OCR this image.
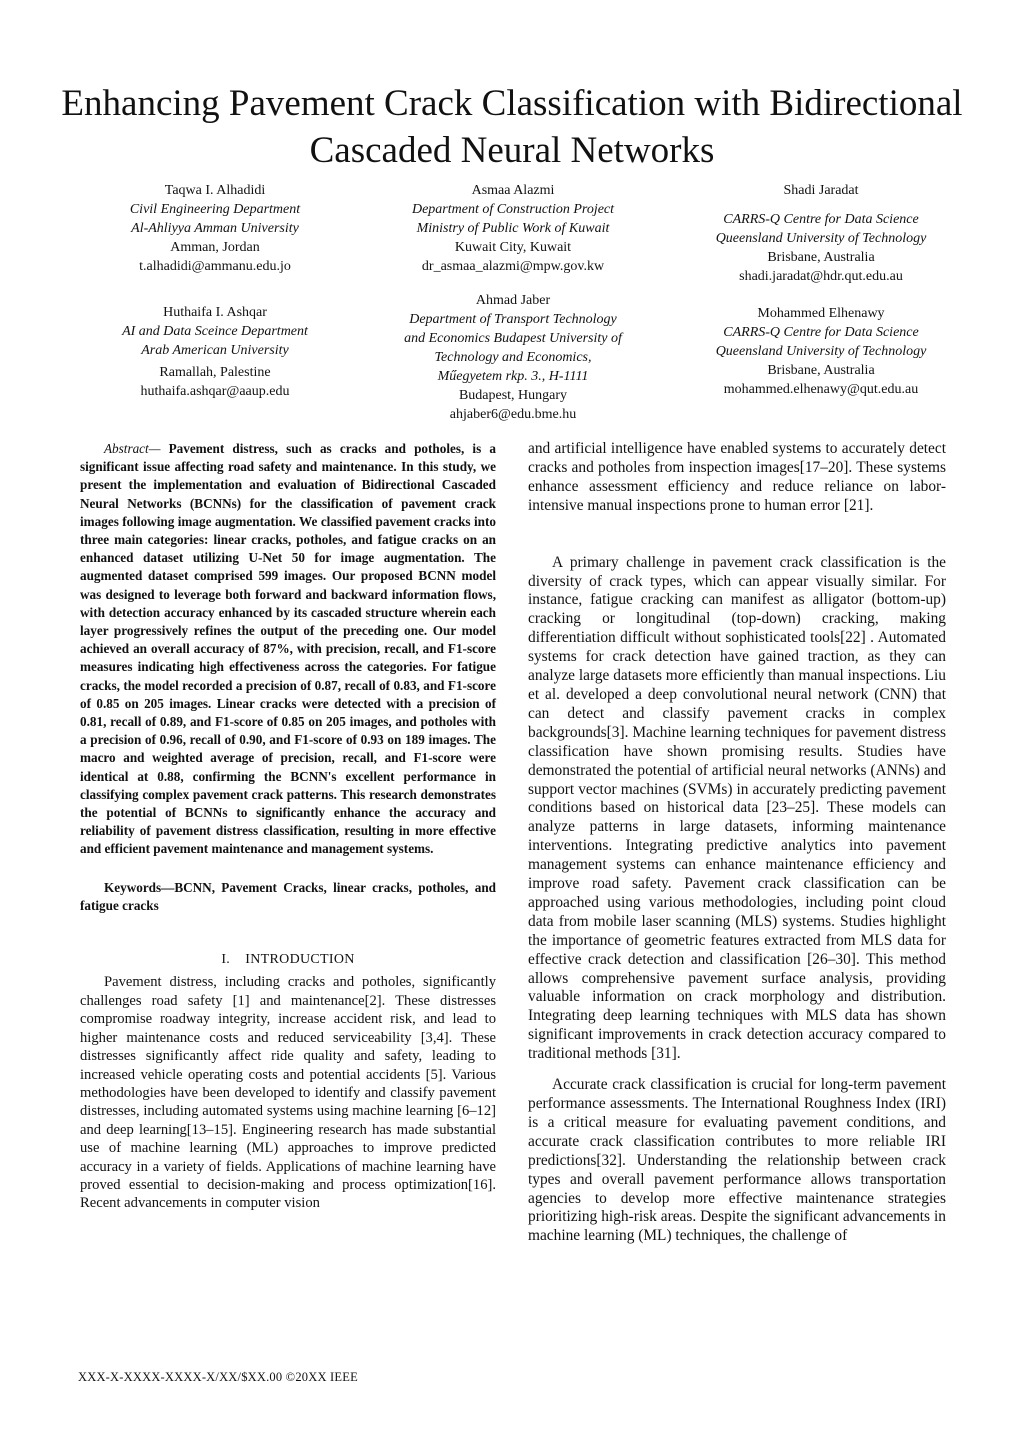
Enhancing Pavement Crack Classification with Bidirectional Cascaded Neural Networks
Taqwa I. Alhadidi
Civil Engineering Department
Al-Ahliyya Amman University
Amman, Jordan
t.alhadidi@ammanu.edu.jo
Asmaa Alazmi
Department of Construction Project
Ministry of Public Work of Kuwait
Kuwait City, Kuwait
dr_asmaa_alazmi@mpw.gov.kw
Shadi Jaradat
CARRS-Q Centre for Data Science
Queensland University of Technology
Brisbane, Australia
shadi.jaradat@hdr.qut.edu.au
Huthaifa I. Ashqar
AI and Data Sceince Department
Arab American University
Ramallah, Palestine
huthaifa.ashqar@aaup.edu
Ahmad Jaber
Department of Transport Technology
and Economics Budapest University of
Technology and Economics,
Műegyetem rkp. 3., H-1111
Budapest, Hungary
ahjaber6@edu.bme.hu
Mohammed Elhenawy
CARRS-Q Centre for Data Science
Queensland University of Technology
Brisbane, Australia
mohammed.elhenawy@qut.edu.au

Abstract— Pavement distress, such as cracks and potholes, is a significant issue affecting road safety and maintenance. In this study, we present the implementation and evaluation of Bidirectional Cascaded Neural Networks (BCNNs) for the classification of pavement crack images following image augmentation. We classified pavement cracks into three main categories: linear cracks, potholes, and fatigue cracks on an enhanced dataset utilizing U-Net 50 for image augmentation. The augmented dataset comprised 599 images. Our proposed BCNN model was designed to leverage both forward and backward information flows, with detection accuracy enhanced by its cascaded structure wherein each layer progressively refines the output of the preceding one. Our model achieved an overall accuracy of 87%, with precision, recall, and F1-score measures indicating high effectiveness across the categories. For fatigue cracks, the model recorded a precision of 0.87, recall of 0.83, and F1-score of 0.85 on 205 images. Linear cracks were detected with a precision of 0.81, recall of 0.89, and F1-score of 0.85 on 205 images, and potholes with a precision of 0.96, recall of 0.90, and F1-score of 0.93 on 189 images. The macro and weighted average of precision, recall, and F1-score were identical at 0.88, confirming the BCNN's excellent performance in classifying complex pavement crack patterns. This research demonstrates the potential of BCNNs to significantly enhance the accuracy and reliability of pavement distress classification, resulting in more effective and efficient pavement maintenance and management systems.

Keywords—BCNN, Pavement Cracks, linear cracks, potholes, and fatigue cracks

I. INTRODUCTION

Pavement distress, including cracks and potholes, significantly challenges road safety [1] and maintenance[2]. These distresses compromise roadway integrity, increase accident risk, and lead to higher maintenance costs and reduced serviceability [3,4]. These distresses significantly affect ride quality and safety, leading to increased vehicle operating costs and potential accidents [5]. Various methodologies have been developed to identify and classify pavement distresses, including automated systems using machine learning [6–12] and deep learning[13–15]. Engineering research has made substantial use of machine learning (ML) approaches to improve predicted accuracy in a variety of fields. Applications of machine learning have proved essential to decision-making and process optimization[16]. Recent advancements in computer vision

and artificial intelligence have enabled systems to accurately detect cracks and potholes from inspection images[17–20]. These systems enhance assessment efficiency and reduce reliance on labor-intensive manual inspections prone to human error [21].

A primary challenge in pavement crack classification is the diversity of crack types, which can appear visually similar. For instance, fatigue cracking can manifest as alligator (bottom-up) cracking or longitudinal (top-down) cracking, making differentiation difficult without sophisticated tools[22] . Automated systems for crack detection have gained traction, as they can analyze large datasets more efficiently than manual inspections. Liu et al. developed a deep convolutional neural network (CNN) that can detect and classify pavement cracks in complex backgrounds[3]. Machine learning techniques for pavement distress classification have shown promising results. Studies have demonstrated the potential of artificial neural networks (ANNs) and support vector machines (SVMs) in accurately predicting pavement conditions based on historical data [23–25]. These models can analyze patterns in large datasets, informing maintenance interventions. Integrating predictive analytics into pavement management systems can enhance maintenance efficiency and improve road safety. Pavement crack classification can be approached using various methodologies, including point cloud data from mobile laser scanning (MLS) systems. Studies highlight the importance of geometric features extracted from MLS data for effective crack detection and classification [26–30]. This method allows comprehensive pavement surface analysis, providing valuable information on crack morphology and distribution. Integrating deep learning techniques with MLS data has shown significant improvements in crack detection accuracy compared to traditional methods [31].

Accurate crack classification is crucial for long-term pavement performance assessments. The International Roughness Index (IRI) is a critical measure for evaluating pavement conditions, and accurate crack classification contributes to more reliable IRI predictions[32]. Understanding the relationship between crack types and overall pavement performance allows transportation agencies to develop more effective maintenance strategies prioritizing high-risk areas. Despite the significant advancements in machine learning (ML) techniques, the challenge of

XXX-X-XXXX-XXXX-X/XX/$XX.00 ©20XX IEEE
